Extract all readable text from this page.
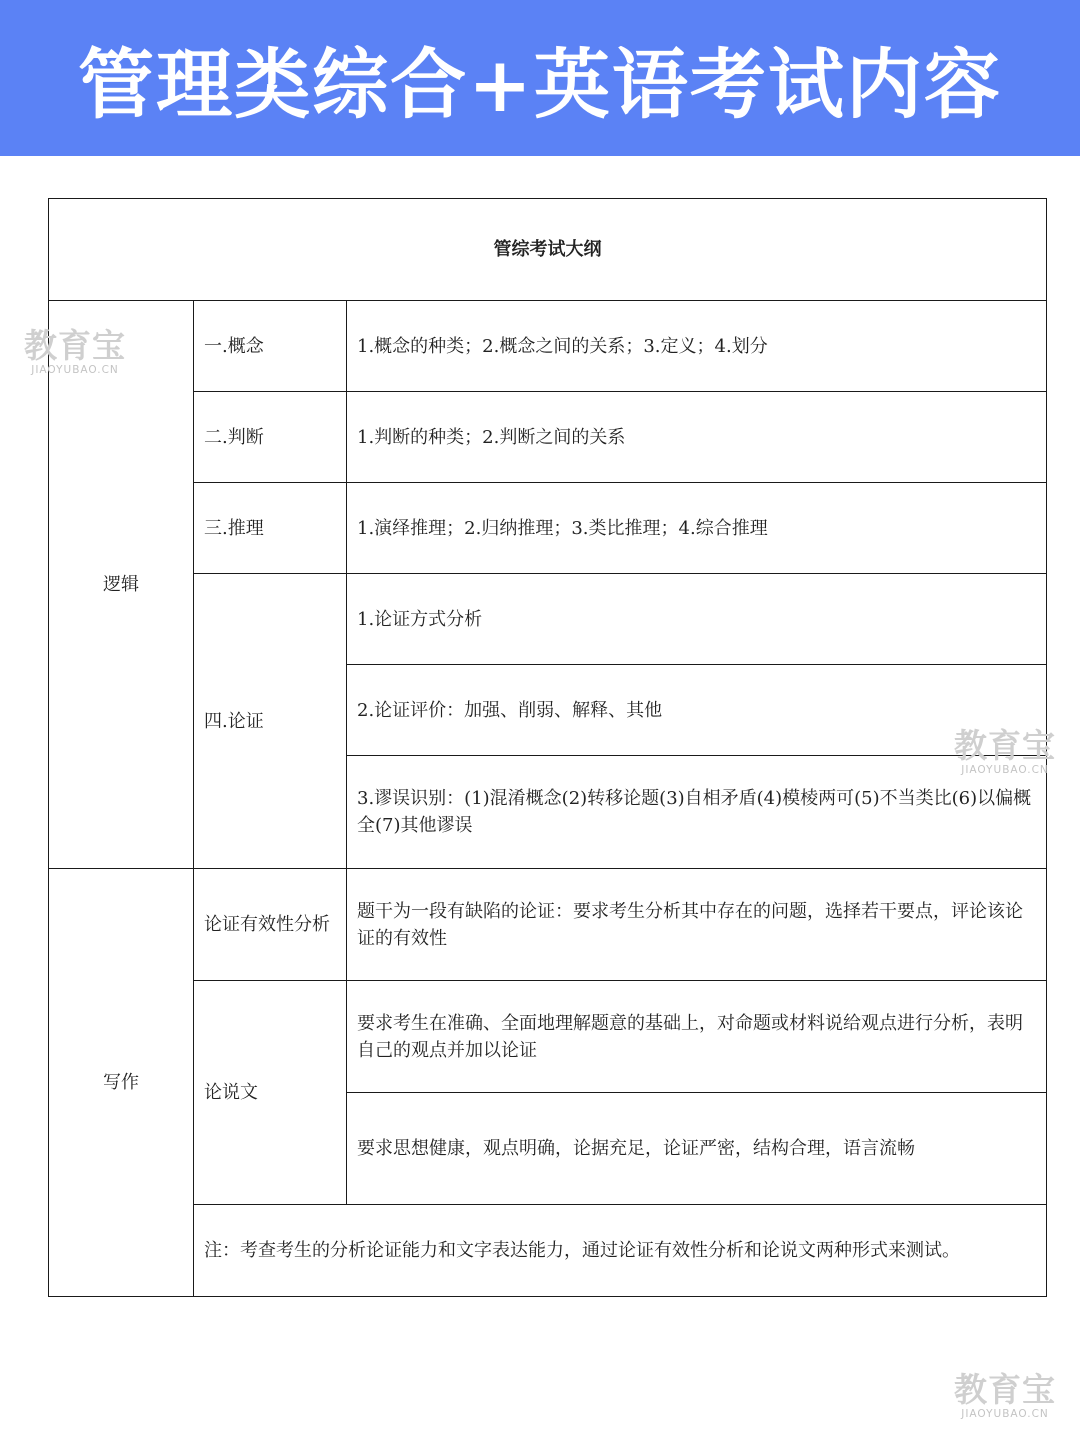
管理类综合+英语考试内容
管综考试大纲		
逻辑	一.概念	1.概念的种类；2.概念之间的关系；3.定义；4.划分
	二.判断	1.判断的种类；2.判断之间的关系
	三.推理	1.演绎推理；2.归纳推理；3.类比推理；4.综合推理
	四.论证	1.论证方式分析
		2.论证评价：加强、削弱、解释、其他
		3.谬误识别：(1)混淆概念(2)转移论题(3)自相矛盾(4)模棱两可(5)不当类比(6)以偏概全(7)其他谬误
写作	论证有效性分析	题干为一段有缺陷的论证：要求考生分析其中存在的问题，选择若干要点，评论该论证的有效性
	论说文	要求考生在准确、全面地理解题意的基础上，对命题或材料说给观点进行分析，表明自己的观点并加以论证
		要求思想健康，观点明确，论据充足，论证严密，结构合理，语言流畅
	注：考查考生的分析论证能力和文字表达能力，通过论证有效性分析和论说文两种形式来测试。	
教育宝
JIAOYUBAO.CN
教育宝
JIAOYUBAO.CN
教育宝
JIAOYUBAO.CN
